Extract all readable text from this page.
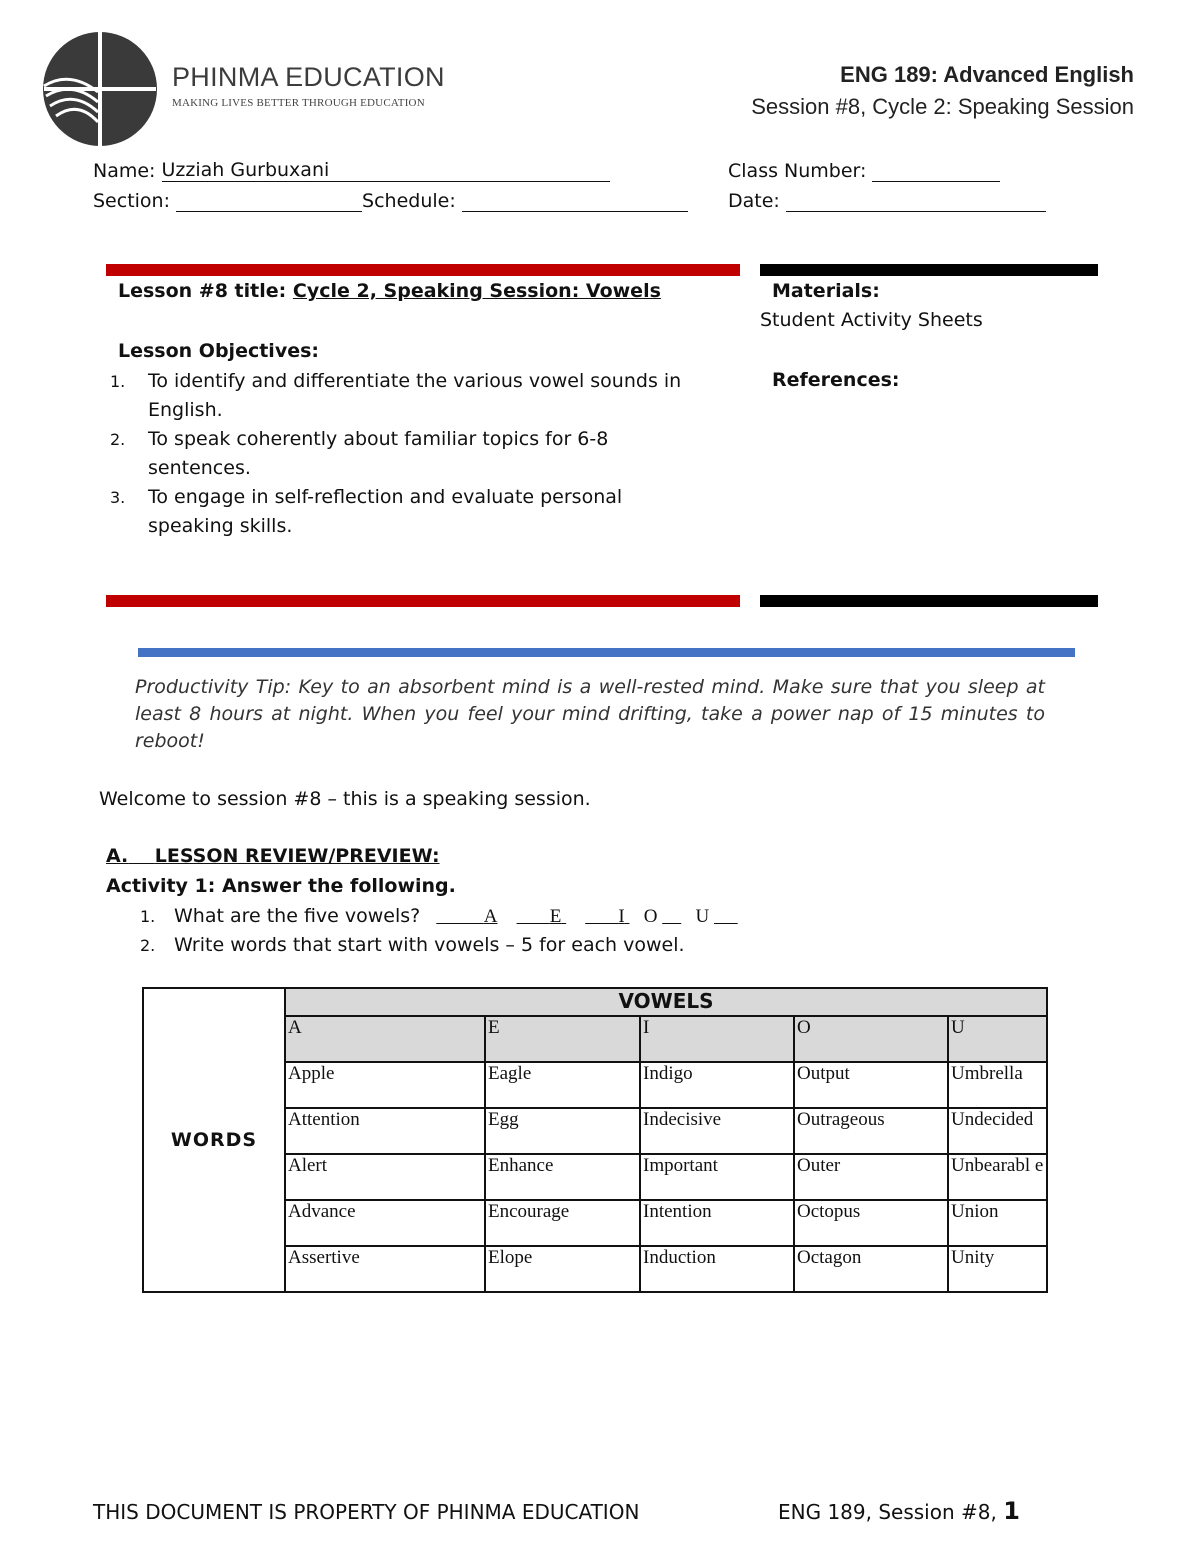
PHINMA EDUCATION
MAKING LIVES BETTER THROUGH EDUCATION
ENG 189: Advanced English
Session #8, Cycle 2: Speaking Session
Name: Uzziah Gurbuxani	Class Number:
Section:	Schedule:	Date:
Lesson #8 title: Cycle 2, Speaking Session: Vowels
Lesson Objectives:
1. To identify and differentiate the various vowel sounds in English.
2. To speak coherently about familiar topics for 6-8 sentences.
3. To engage in self-reflection and evaluate personal speaking skills.
Materials:
Student Activity Sheets
References:
Productivity Tip: Key to an absorbent mind is a well-rested mind. Make sure that you sleep at least 8 hours at night. When you feel your mind drifting, take a power nap of 15 minutes to reboot!
Welcome to session #8 – this is a speaking session.
A. LESSON REVIEW/PREVIEW:
Activity 1: Answer the following.
1. What are the five vowels?	A	E	I O U
2. Write words that start with vowels – 5 for each vowel.
WORDS	VOWELS				
	A	E	I	O	U
	Apple	Eagle	Indigo	Output	Umbrella
	Attention	Egg	Indecisive	Outrageous	Undecided
	Alert	Enhance	Important	Outer	Unbearabl e
	Advance	Encourage	Intention	Octopus	Union
	Assertive	Elope	Induction	Octagon	Unity
THIS DOCUMENT IS PROPERTY OF PHINMA EDUCATION	ENG 189, Session #8, 1
